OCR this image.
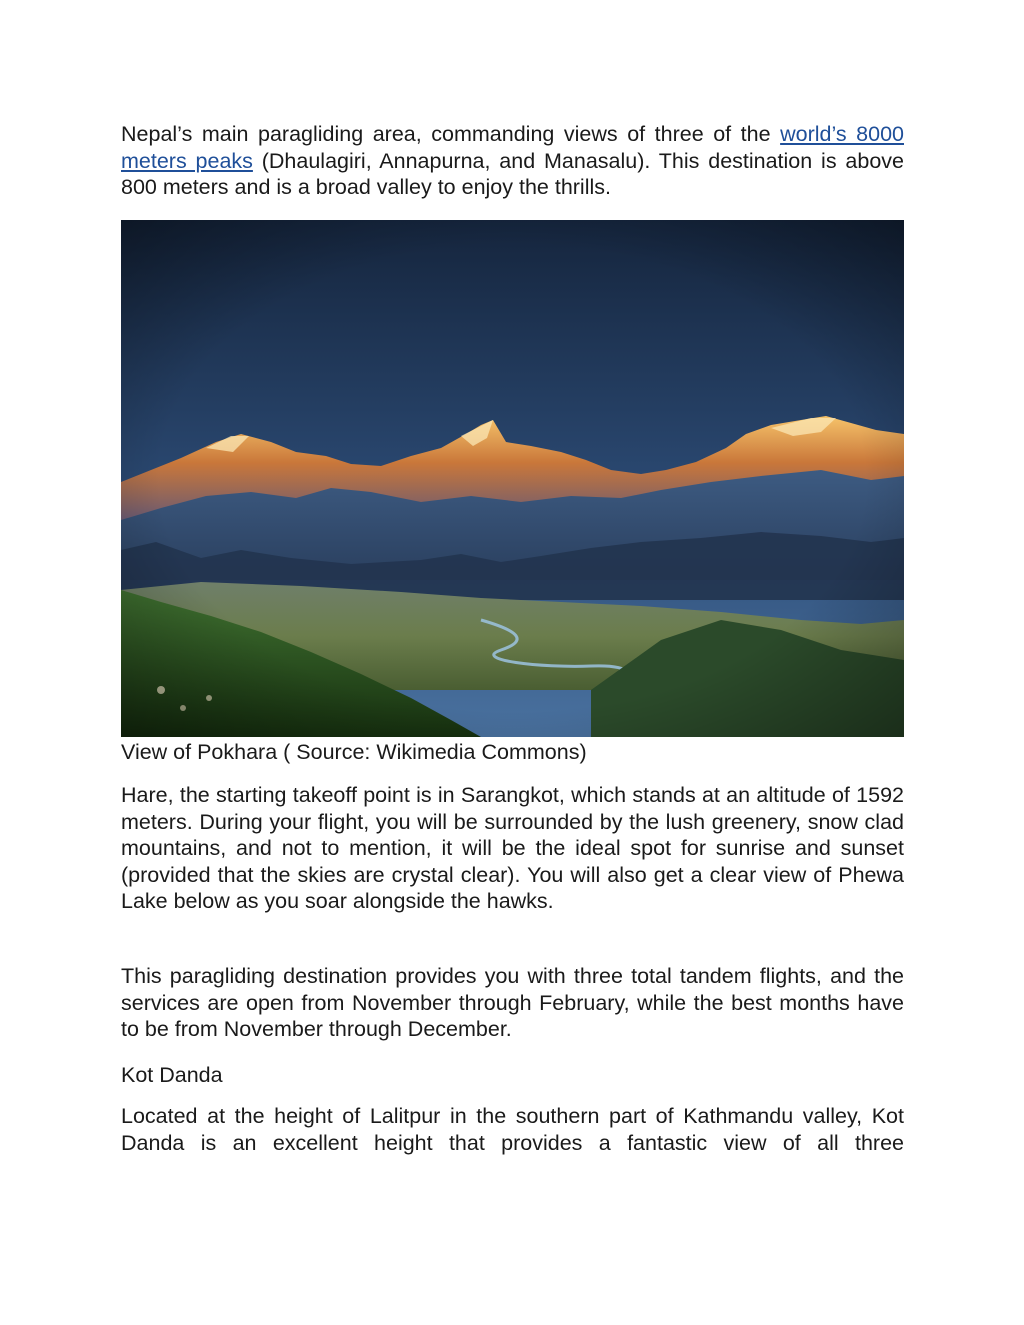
Nepal’s main paragliding area, commanding views of three of the world’s 8000 meters peaks (Dhaulagiri, Annapurna, and Manasalu). This destination is above 800 meters and is a broad valley to enjoy the thrills.

View of Pokhara ( Source: Wikimedia Commons)

Hare, the starting takeoff point is in Sarangkot, which stands at an altitude of 1592 meters. During your flight, you will be surrounded by the lush greenery, snow clad mountains, and not to mention, it will be the ideal spot for sunrise and sunset (provided that the skies are crystal clear). You will also get a clear view of Phewa Lake below as you soar alongside the hawks.

This paragliding destination provides you with three total tandem flights, and the services are open from November through February, while the best months have to be from November through December.

Kot Danda

Located at the height of Lalitpur in the southern part of Kathmandu valley, Kot Danda is an excellent height that provides a fantastic view of all three
